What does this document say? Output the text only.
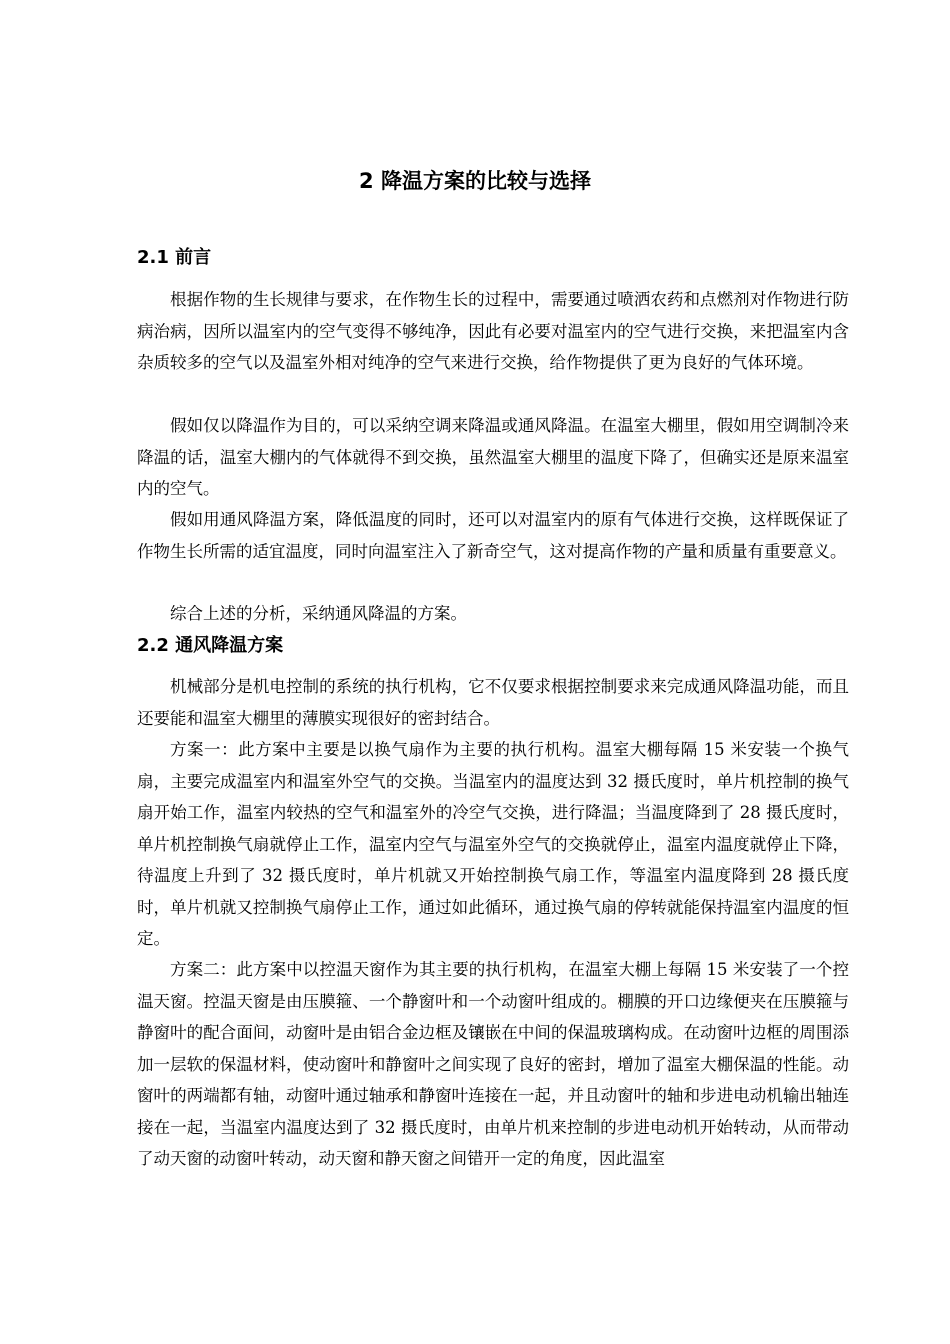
2 降温方案的比较与选择
2.1 前言

根据作物的生长规律与要求，在作物生长的过程中，需要通过喷洒农药和点燃剂对作物进行防病治病，因所以温室内的空气变得不够纯净，因此有必要对温室内的空气进行交换，来把温室内含杂质较多的空气以及温室外相对纯净的空气来进行交换，给作物提供了更为良好的气体环境。

假如仅以降温作为目的，可以采纳空调来降温或通风降温。在温室大棚里，假如用空调制冷来降温的话，温室大棚内的气体就得不到交换，虽然温室大棚里的温度下降了，但确实还是原来温室内的空气。

假如用通风降温方案，降低温度的同时，还可以对温室内的原有气体进行交换，这样既保证了作物生长所需的适宜温度，同时向温室注入了新奇空气，这对提高作物的产量和质量有重要意义。

综合上述的分析，采纳通风降温的方案。

2.2 通风降温方案

机械部分是机电控制的系统的执行机构，它不仅要求根据控制要求来完成通风降温功能，而且还要能和温室大棚里的薄膜实现很好的密封结合。

方案一：此方案中主要是以换气扇作为主要的执行机构。温室大棚每隔 15 米安装一个换气扇，主要完成温室内和温室外空气的交换。当温室内的温度达到 32 摄氏度时，单片机控制的换气扇开始工作，温室内较热的空气和温室外的冷空气交换，进行降温；当温度降到了 28 摄氏度时，单片机控制换气扇就停止工作，温室内空气与温室外空气的交换就停止，温室内温度就停止下降，待温度上升到了 32 摄氏度时，单片机就又开始控制换气扇工作，等温室内温度降到 28 摄氏度时，单片机就又控制换气扇停止工作，通过如此循环，通过换气扇的停转就能保持温室内温度的恒定。

方案二：此方案中以控温天窗作为其主要的执行机构，在温室大棚上每隔 15 米安装了一个控温天窗。控温天窗是由压膜箍、一个静窗叶和一个动窗叶组成的。棚膜的开口边缘便夹在压膜箍与静窗叶的配合面间，动窗叶是由铝合金边框及镶嵌在中间的保温玻璃构成。在动窗叶边框的周围添加一层软的保温材料，使动窗叶和静窗叶之间实现了良好的密封，增加了温室大棚保温的性能。动窗叶的两端都有轴，动窗叶通过轴承和静窗叶连接在一起，并且动窗叶的轴和步进电动机输出轴连接在一起，当温室内温度达到了 32 摄氏度时，由单片机来控制的步进电动机开始转动，从而带动了动天窗的动窗叶转动，动天窗和静天窗之间错开一定的角度，因此温室
